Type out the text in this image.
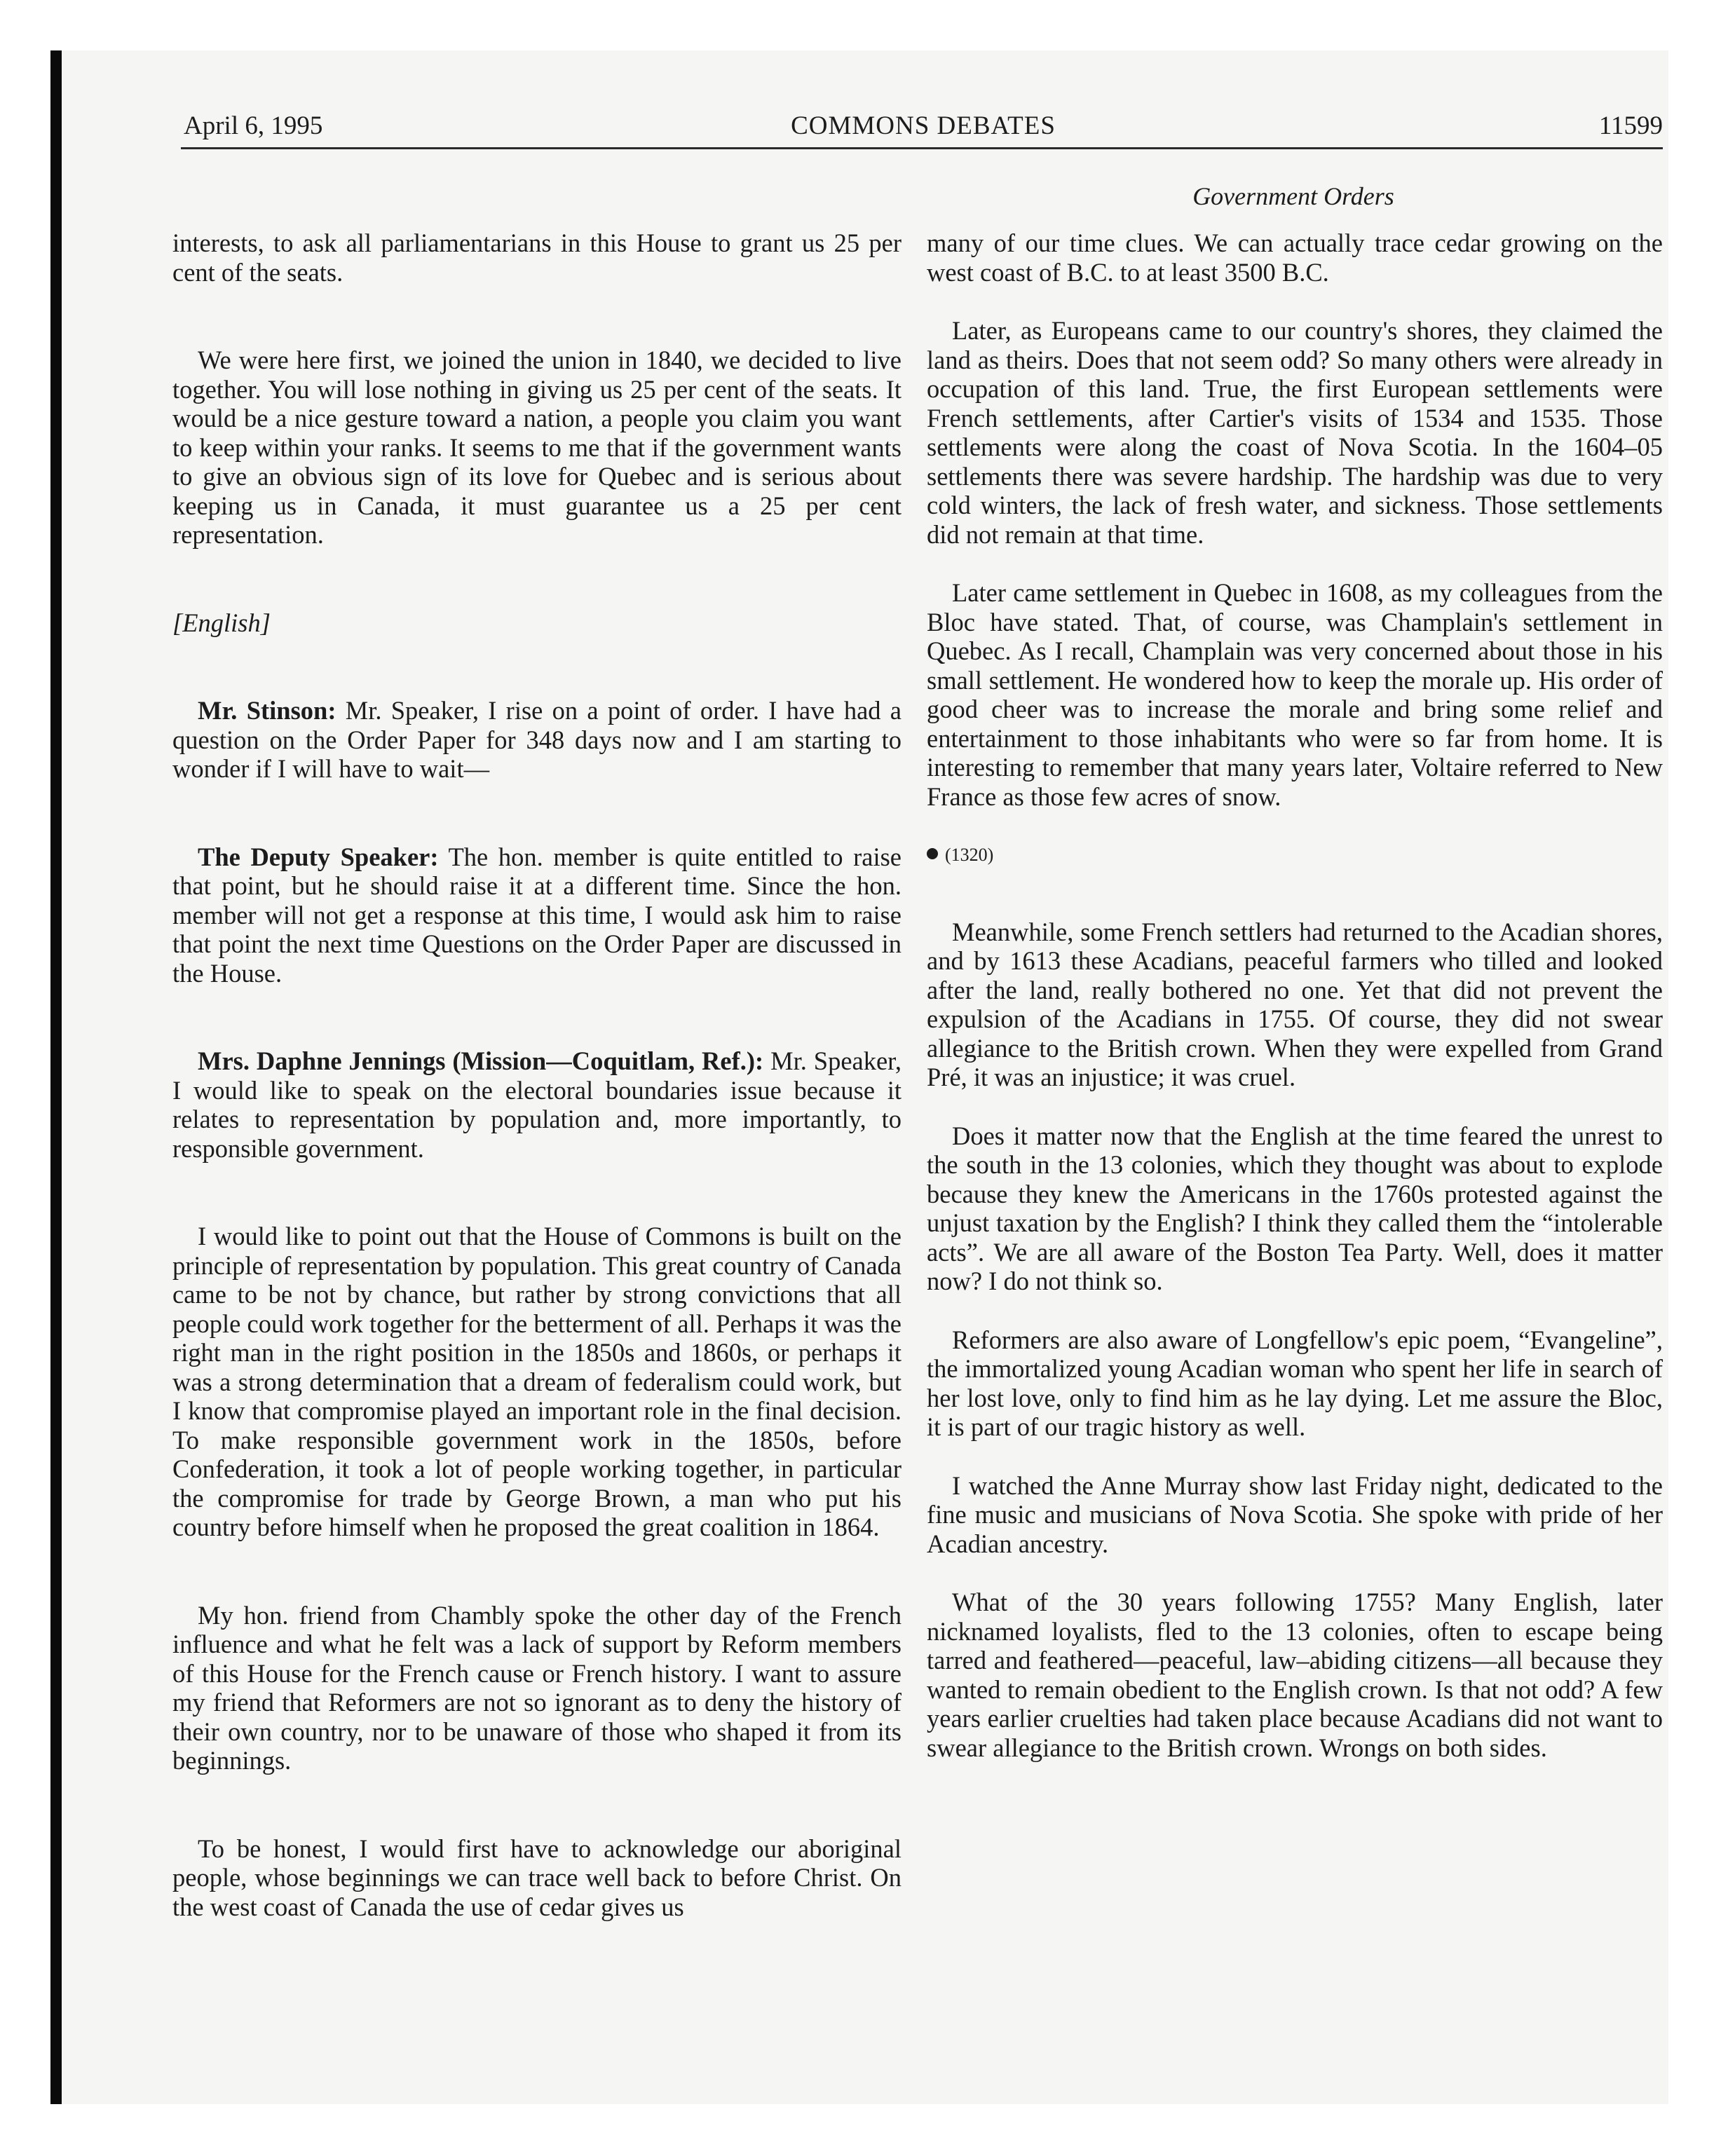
April 6, 1995	COMMONS DEBATES	11599
Government Orders

interests, to ask all parliamentarians in this House to grant us 25 per cent of the seats.

We were here first, we joined the union in 1840, we decided to live together. You will lose nothing in giving us 25 per cent of the seats. It would be a nice gesture toward a nation, a people you claim you want to keep within your ranks. It seems to me that if the government wants to give an obvious sign of its love for Quebec and is serious about keeping us in Canada, it must guarantee us a 25 per cent representation.

[English]

Mr. Stinson: Mr. Speaker, I rise on a point of order. I have had a question on the Order Paper for 348 days now and I am starting to wonder if I will have to wait—

The Deputy Speaker: The hon. member is quite entitled to raise that point, but he should raise it at a different time. Since the hon. member will not get a response at this time, I would ask him to raise that point the next time Questions on the Order Paper are discussed in the House.

Mrs. Daphne Jennings (Mission—Coquitlam, Ref.): Mr. Speaker, I would like to speak on the electoral boundaries issue because it relates to representation by population and, more importantly, to responsible government.

I would like to point out that the House of Commons is built on the principle of representation by population. This great country of Canada came to be not by chance, but rather by strong convictions that all people could work together for the betterment of all. Perhaps it was the right man in the right position in the 1850s and 1860s, or perhaps it was a strong determination that a dream of federalism could work, but I know that compromise played an important role in the final decision. To make responsible government work in the 1850s, before Confederation, it took a lot of people working together, in particular the compromise for trade by George Brown, a man who put his country before himself when he proposed the great coalition in 1864.

My hon. friend from Chambly spoke the other day of the French influence and what he felt was a lack of support by Reform members of this House for the French cause or French history. I want to assure my friend that Reformers are not so ignorant as to deny the history of their own country, nor to be unaware of those who shaped it from its beginnings.

To be honest, I would first have to acknowledge our aboriginal people, whose beginnings we can trace well back to before Christ. On the west coast of Canada the use of cedar gives us

many of our time clues. We can actually trace cedar growing on the west coast of B.C. to at least 3500 B.C.

Later, as Europeans came to our country's shores, they claimed the land as theirs. Does that not seem odd? So many others were already in occupation of this land. True, the first European settlements were French settlements, after Cartier's visits of 1534 and 1535. Those settlements were along the coast of Nova Scotia. In the 1604–05 settlements there was severe hardship. The hardship was due to very cold winters, the lack of fresh water, and sickness. Those settlements did not remain at that time.

Later came settlement in Quebec in 1608, as my colleagues from the Bloc have stated. That, of course, was Champlain's settlement in Quebec. As I recall, Champlain was very concerned about those in his small settlement. He wondered how to keep the morale up. His order of good cheer was to increase the morale and bring some relief and entertainment to those inhabitants who were so far from home. It is interesting to remember that many years later, Voltaire referred to New France as those few acres of snow.

(1320)

Meanwhile, some French settlers had returned to the Acadian shores, and by 1613 these Acadians, peaceful farmers who tilled and looked after the land, really bothered no one. Yet that did not prevent the expulsion of the Acadians in 1755. Of course, they did not swear allegiance to the British crown. When they were expelled from Grand Pré, it was an injustice; it was cruel.

Does it matter now that the English at the time feared the unrest to the south in the 13 colonies, which they thought was about to explode because they knew the Americans in the 1760s protested against the unjust taxation by the English? I think they called them the “intolerable acts”. We are all aware of the Boston Tea Party. Well, does it matter now? I do not think so.

Reformers are also aware of Longfellow's epic poem, “Evangeline”, the immortalized young Acadian woman who spent her life in search of her lost love, only to find him as he lay dying. Let me assure the Bloc, it is part of our tragic history as well.

I watched the Anne Murray show last Friday night, dedicated to the fine music and musicians of Nova Scotia. She spoke with pride of her Acadian ancestry.

What of the 30 years following 1755? Many English, later nicknamed loyalists, fled to the 13 colonies, often to escape being tarred and feathered—peaceful, law–abiding citizens—all because they wanted to remain obedient to the English crown. Is that not odd? A few years earlier cruelties had taken place because Acadians did not want to swear allegiance to the British crown. Wrongs on both sides.
